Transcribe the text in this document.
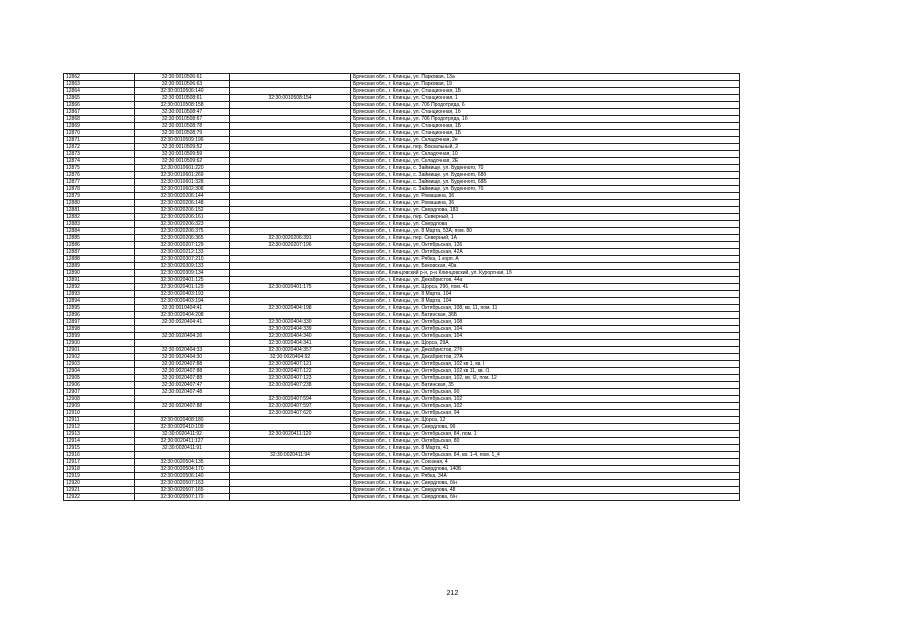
12862	32:30:0010506:61		Брянская обл., г. Клинцы, ул. Парковая, 13а
12863	32:30:0010506:63		Брянская обл., г. Клинцы, ул. Парковая, 19
12864	32:30:0010506:140		Брянская обл., г. Клинцы, ул. Станционная, 1Б
12865	32:30:0010508:61	32:30:0010508:154	Брянская обл., г. Клинцы, ул. Станционная, 1
12866	32:30:0010508:158		Брянская обл., г. Клинцы, ул. 706 Продотряда, 6
12867	32:30:0010508:47		Брянская обл., г. Клинцы, ул. Станционная, 1б
12868	32:30:0010508:67		Брянская обл., г. Клинцы, ул. 706 Продотряда, 1б
12869	32:30:0010508:78		Брянская обл., г. Клинцы, ул. Станционная, 1Б
12870	32:30:0010508:79		Брянская обл., г. Клинцы, ул. Станционная, 1Б
12871	32:30:0010509:196		Брянская обл., г. Клинцы, ул. Складочная, 2е
12872	32:30:0010509:52		Брянская обл., г. Клинцы, пер. Вокзальный, 2
12873	32:30:0010509:59		Брянская обл., г. Клинцы, ул. Складочная, 10
12874	32:30:0010509:62		Брянская обл., г. Клинцы, ул. Складочная, 2Е
12875	32:30:0010601:220		Брянская обл., г. Клинцы, с. Займище, ул. Буденного, 70
12876	32:30:0010601:269		Брянская обл., г. Клинцы, с. Займище, ул. Буденного, 68б
12877	32:30:0010601:328		Брянская обл., г. Клинцы, с. Займище, ул. Буденного, 68Б
12878	32:30:0010602:308		Брянская обл., г. Клинцы, с. Займище, ул. Буденного, 70
12879	32:30:0020206:144		Брянская обл., г. Клинцы, ул. Ромашина, 36
12880	32:30:0020206:148		Брянская обл., г. Клинцы, ул. Ромашина, 36
12881	32:30:0020206:152		Брянская обл., г. Клинцы, ул. Свердлова, 183
12882	32:30:0020206:161		Брянская обл., г. Клинцы, пер. Северный, 1
12883	32:30:0020206:323		Брянская обл., г. Клинцы, ул. Свердлова
12884	32:30:0020206:375		Брянская обл., г. Клинцы, ул. 8 Марта, 53А, пом. 80
12885	32:30:0020206:365	32:30:0020206:391	Брянская обл., г. Клинцы, пер. Северный, 1А
12886	32:30:0020207:129	32:30:0020207:196	Брянская обл., г. Клинцы, ул. Октябрьская, 126
12887	32:30:0020212:133		Брянская обл., г. Клинцы, ул. Октябрьская, 42А
12888	32:30:0020307:210		Брянская обл., г. Клинцы, ул. Рябка, 1 корп. А
12889	32:30:0020309:133		Брянская обл., г. Клинцы, ул. Бековская, 40а
12890	32:30:0020309:134		Брянская обл., Клинцовский р-н, р-н Клинцовский, ул. Курортная, 1б
12891	32:30:0020401:125		Брянская обл., г. Клинцы, ул. Декабристов, 44а
12892	32:30:0020401:129	32:30:0020401:175	Брянская обл., г. Клинцы, ул. Щорса, 29б, пом. 41
12893	32:30:0020403:193		Брянская обл., г. Клинцы, ул. 8 Марта, 104
12894	32:30:0020403:194		Брянская обл., г. Клинцы, ул. 8 Марта, 104
12895	32:30:0010404:41	32:30:0020404:198	Брянская обл., г. Клинцы, ул. Октябрьская, 108, кв. 11, пом. 11
12896	32:30:0020404:208		Брянская обл., г. Клинцы, ул. Ватинская, 36Б
12897	32:30:0020404:41	32:30:0020404:330	Брянская обл., г. Клинцы, ул. Октябрьская, 108
12898		32:30:0020404:339	Брянская обл., г. Клинцы, ул. Октябрьская, 104
12899	32:30:0020404:26	32:30:0020404:340	Брянская обл., г. Клинцы, ул. Октябрьская, 104
12900		32:30:0020404:341	Брянская обл., г. Клинцы, ул. Щорса, 29А
12901	32:30:0020404:33	32:30:0020404:357	Брянская обл., г. Клинцы, ул. Декабристов, 27б
12902	32:30:0020404:30	32:30:0020404:92	Брянская обл., г. Клинцы, ул. Декабристов, 27А
12903	32:30:0020407:88	32:30:0020407:121	Брянская обл., г. Клинцы, ул. Октябрьская, 102 кв 1, кв. I
12904	32:30:0020407:88	32:30:0020407:122	Брянская обл., г. Клинцы, ул. Октябрьская, 102 кв 11, кв. I1
12905	32:30:0020407:88	32:30:0020407:123	Брянская обл., г. Клинцы, ул. Октябрьская, 102, кв. I2, пом. 12
12906	32:30:0020407:47	32:30:0020407:238	Брянская обл., г. Клинцы, ул. Ватинская, 35
12907	32:30:0020407:48		Брянская обл., г. Клинцы, ул. Октябрьская, 90
12908		32:30:0020407:594	Брянская обл., г. Клинцы, ул. Октябрьская, 102
12909	32:30:0020407:88	32:30:0020407:597	Брянская обл., г. Клинцы, ул. Октябрьская, 102
12910		32:30:0020407:620	Брянская обл., г. Клинцы, ул. Октябрьская, 94
12911	32:30:0020408:180		Брянская обл., г. Клинцы, ул. Щорса, 12
12912	32:30:0020410:109		Брянская обл., г. Клинцы, ул. Свердлова, 99
12913	32:30:0020411:92	32:30:0020411:120	Брянская обл., г. Клинцы, ул. Октябрьская, 84, пом. 1
12914	32:30:0020411:127		Брянская обл., г. Клинцы, ул. Октябрьская, 80
12915	32:30:0020411:91		Брянская обл., г. Клинцы, ул. 8 Марта, 41
12916		32:30:0020411:94	Брянская обл., г. Клинцы, ул. Октябрьская, 84, кв. 1-4, пом. 1_4
12917	32:30:0020504:135		Брянская обл., г. Клинцы, ул. Союзная, 4
12918	32:30:0020504:170		Брянская обл., г. Клинцы, ул. Свердлова, 140Б
12919	32:30:0020506:140		Брянская обл., г. Клинцы, ул. Рябка, 34А
12920	32:30:0020507:163		Брянская обл., г. Клинцы, ул. Свердлова, б/н
12921	32:30:0020507:165		Брянская обл., г. Клинцы, ул. Свердлова, 48
12922	32:30:0020507:170		Брянская обл., г. Клинцы, ул. Свердлова, б/н
212
